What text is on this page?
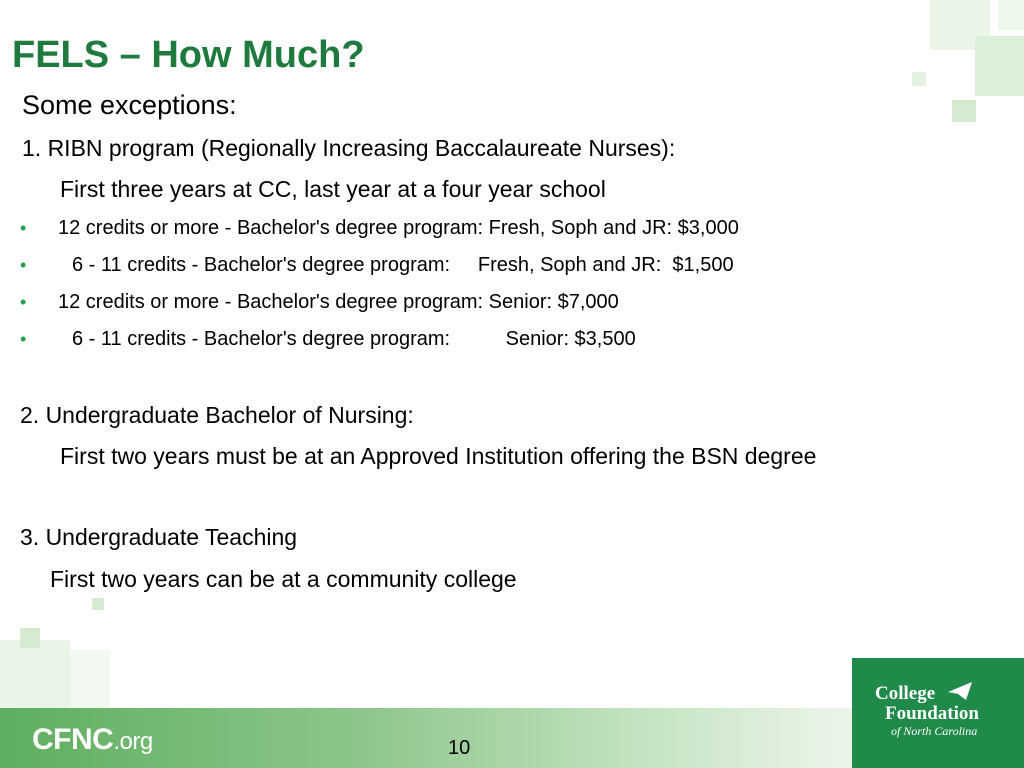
FELS – How Much?

Some exceptions:

1. RIBN program (Regionally Increasing Baccalaureate Nurses):

First three years at CC, last year at a four year school

• 12 credits or more - Bachelor's degree program: Fresh, Soph and JR: $3,000
• 6 - 11 credits - Bachelor's degree program:     Fresh, Soph and JR:  $1,500
• 12 credits or more - Bachelor's degree program: Senior: $7,000
• 6 - 11 credits - Bachelor's degree program:          Senior: $3,500

2. Undergraduate Bachelor of Nursing:

First two years must be at an Approved Institution offering the BSN degree

3. Undergraduate Teaching

First two years can be at a community college

CFNC.org	10
College
Foundation
of North Carolina
